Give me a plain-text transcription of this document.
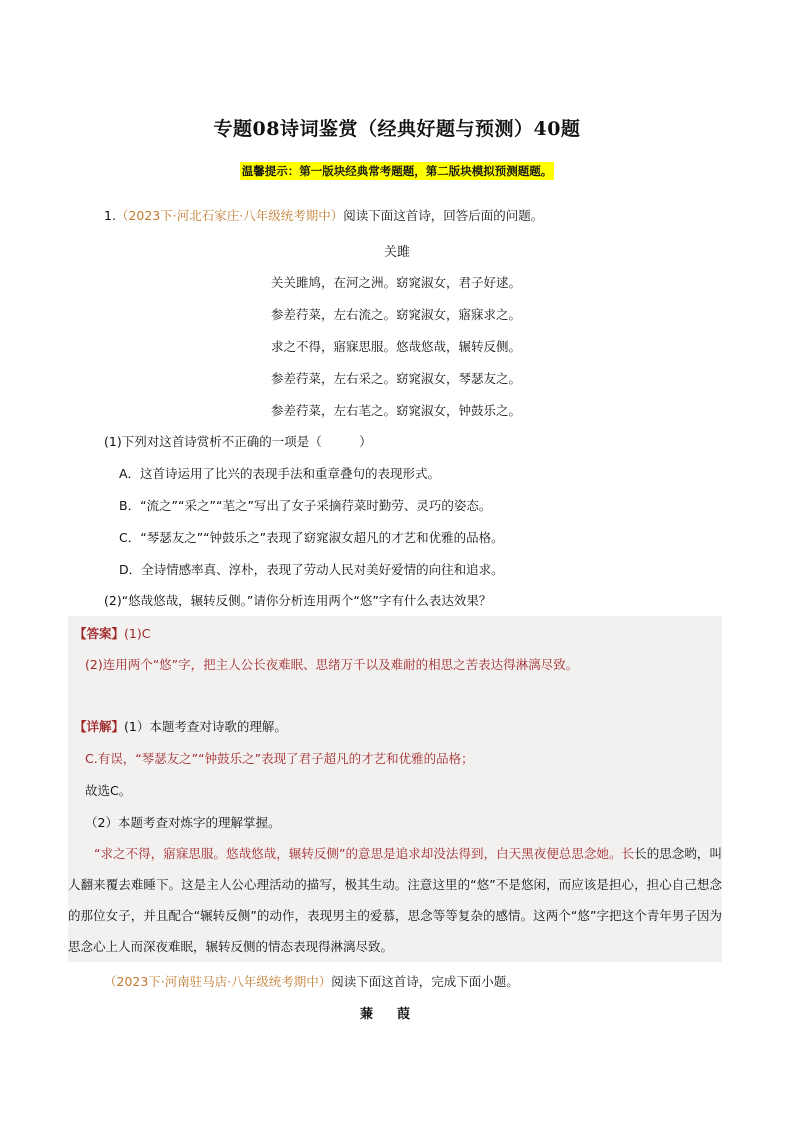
专题08诗词鉴赏（经典好题与预测）40题
温馨提示：第一版块经典常考题题，第二版块模拟预测题题。
1.（2023下·河北石家庄·八年级统考期中）阅读下面这首诗，回答后面的问题。
关雎
关关雎鸠，在河之洲。窈窕淑女，君子好逑。
参差荇菜，左右流之。窈窕淑女，寤寐求之。
求之不得，寤寐思服。悠哉悠哉，辗转反侧。
参差荇菜，左右采之。窈窕淑女，琴瑟友之。
参差荇菜，左右芼之。窈窕淑女，钟鼓乐之。
(1)下列对这首诗赏析不正确的一项是（　　　）
A．这首诗运用了比兴的表现手法和重章叠句的表现形式。
B．“流之”“采之”“芼之”写出了女子采摘荇菜时勤劳、灵巧的姿态。
C．“琴瑟友之”“钟鼓乐之”表现了窈窕淑女超凡的才艺和优雅的品格。
D．全诗情感率真、淳朴，表现了劳动人民对美好爱情的向往和追求。
(2)“悠哉悠哉，辗转反侧。”请你分析连用两个“悠”字有什么表达效果？
【答案】(1)C
(2)连用两个“悠”字，把主人公长夜难眠、思绪万千以及难耐的相思之苦表达得淋漓尽致。
【详解】(1）本题考查对诗歌的理解。
C.有误，“琴瑟友之”“钟鼓乐之”表现了君子超凡的才艺和优雅的品格；
故选C。
（2）本题考查对炼字的理解掌握。
“求之不得，寤寐思服。悠哉悠哉，辗转反侧”的意思是追求却没法得到，白天黑夜便总思念她。长长的思念哟，叫人翻来覆去难睡下。这是主人公心理活动的描写，极其生动。注意这里的“悠”不是悠闲，而应该是担心，担心自己想念的那位女子，并且配合“辗转反侧”的动作，表现男主的爱慕，思念等等复杂的感情。这两个“悠”字把这个青年男子因为思念心上人而深夜难眠，辗转反侧的情态表现得淋漓尽致。
（2023下·河南驻马店·八年级统考期中）阅读下面这首诗，完成下面小题。
蒹葭
